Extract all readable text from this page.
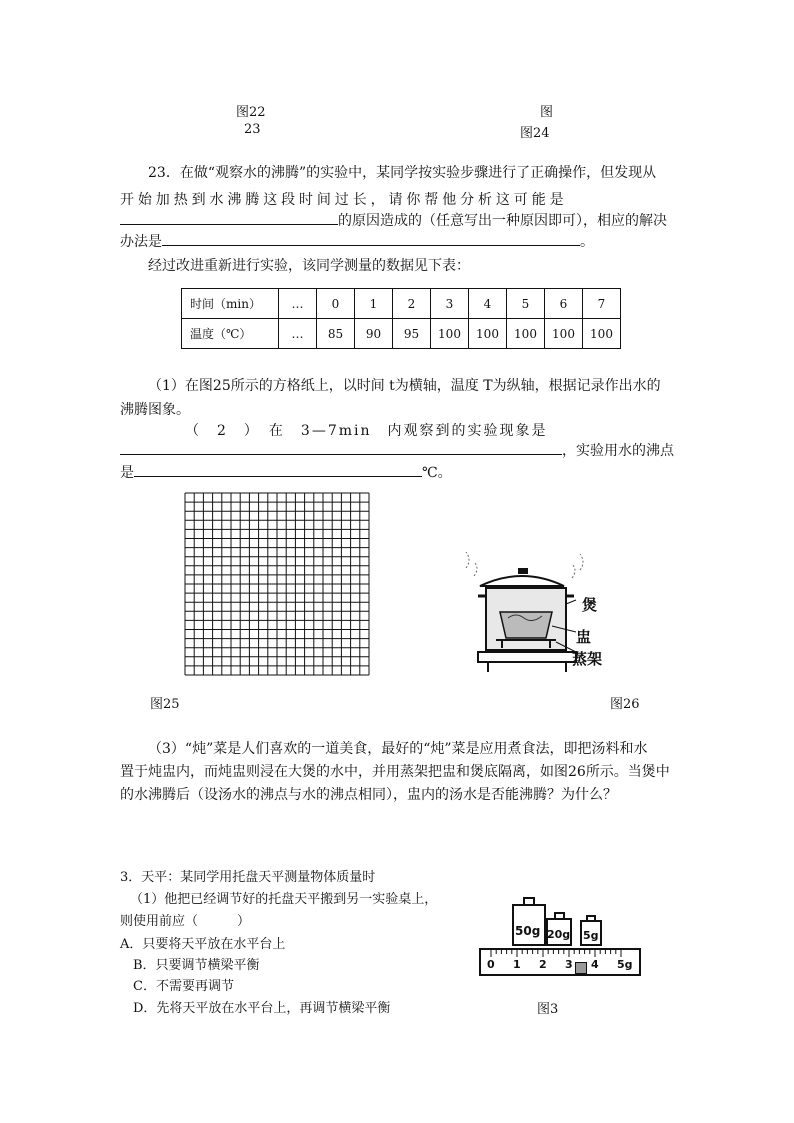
图22	图
23	图24
23．在做“观察水的沸腾”的实验中，某同学按实验步骤进行了正确操作，但发现从
开始加热到水沸腾这段时间过长，请你帮他分析这可能是
的原因造成的（任意写出一种原因即可），相应的解决
办法是	。
经过改进重新进行实验，该同学测量的数据见下表：
时间（min）	…	0	1	2	3	4	5	6	7
温度（℃）	…	85	90	95	100	100	100	100	100
（1）在图25所示的方格纸上，以时间 t为横轴，温度 T为纵轴，根据记录作出水的
沸腾图象。
（　2　）　在　3—7min　内观察到的实验现象是
，实验用水的沸点
是	℃。
图25
煲
盅
蒸架
图26
（3）“炖”菜是人们喜欢的一道美食，最好的“炖”菜是应用煮食法，即把汤料和水
置于炖盅内，而炖盅则浸在大煲的水中，并用蒸架把盅和煲底隔离，如图26所示。当煲中
的水沸腾后（设汤水的沸点与水的沸点相同），盅内的汤水是否能沸腾？为什么？
3．天平：某同学用托盘天平测量物体质量时
（1）他把已经调节好的托盘天平搬到另一实验桌上，
则使用前应（　　　）
A．只要将天平放在水平台上
B．只要调节横梁平衡
C．不需要再调节
D．先将天平放在水平台上，再调节横梁平衡
50g 20g 5g
0 1 2 3 4 5g
图3
